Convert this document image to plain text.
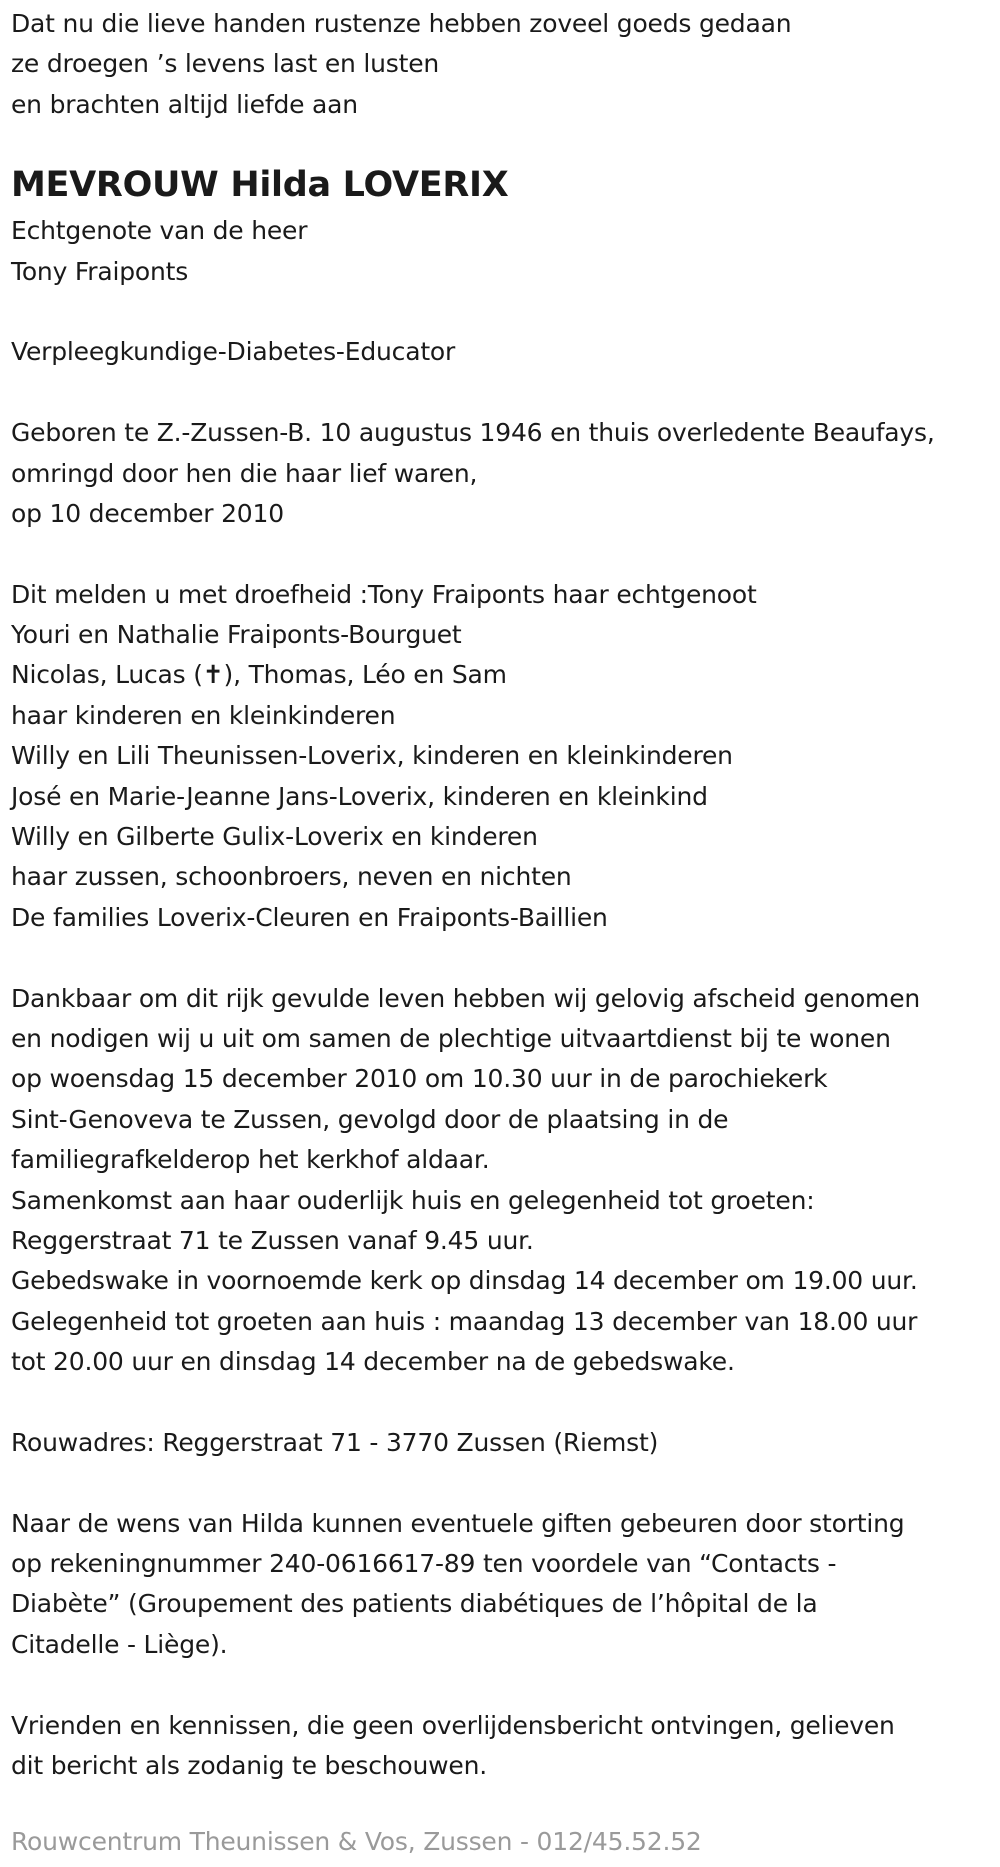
Dat nu die lieve handen rustenze hebben zoveel goeds gedaan
ze droegen ’s levens last en lusten
en brachten altijd liefde aan
MEVROUW Hilda LOVERIX
Echtgenote van de heer
Tony Fraiponts
Verpleegkundige-Diabetes-Educator
Geboren te Z.-Zussen-B. 10 augustus 1946 en thuis overledente Beaufays,
omringd door hen die haar lief waren,
op 10 december 2010
Dit melden u met droefheid :Tony Fraiponts haar echtgenoot
Youri en Nathalie Fraiponts-Bourguet
Nicolas, Lucas (✝), Thomas, Léo en Sam
haar kinderen en kleinkinderen
Willy en Lili Theunissen-Loverix, kinderen en kleinkinderen
José en Marie-Jeanne Jans-Loverix, kinderen en kleinkind
Willy en Gilberte Gulix-Loverix en kinderen
haar zussen, schoonbroers, neven en nichten
De families Loverix-Cleuren en Fraiponts-Baillien
Dankbaar om dit rijk gevulde leven hebben wij gelovig afscheid genomen
en nodigen wij u uit om samen de plechtige uitvaartdienst bij te wonen
op woensdag 15 december 2010 om 10.30 uur in de parochiekerk
Sint-Genoveva te Zussen, gevolgd door de plaatsing in de
familiegrafkelderop het kerkhof aldaar.
Samenkomst aan haar ouderlijk huis en gelegenheid tot groeten:
Reggerstraat 71 te Zussen vanaf 9.45 uur.
Gebedswake in voornoemde kerk op dinsdag 14 december om 19.00 uur.
Gelegenheid tot groeten aan huis : maandag 13 december van 18.00 uur
tot 20.00 uur en dinsdag 14 december na de gebedswake.
Rouwadres: Reggerstraat 71 - 3770 Zussen (Riemst)
Naar de wens van Hilda kunnen eventuele giften gebeuren door storting
op rekeningnummer 240-0616617-89 ten voordele van “Contacts -
Diabète” (Groupement des patients diabétiques de l’hôpital de la
Citadelle - Liège).
Vrienden en kennissen, die geen overlijdensbericht ontvingen, gelieven
dit bericht als zodanig te beschouwen.
Rouwcentrum Theunissen & Vos, Zussen - 012/45.52.52
